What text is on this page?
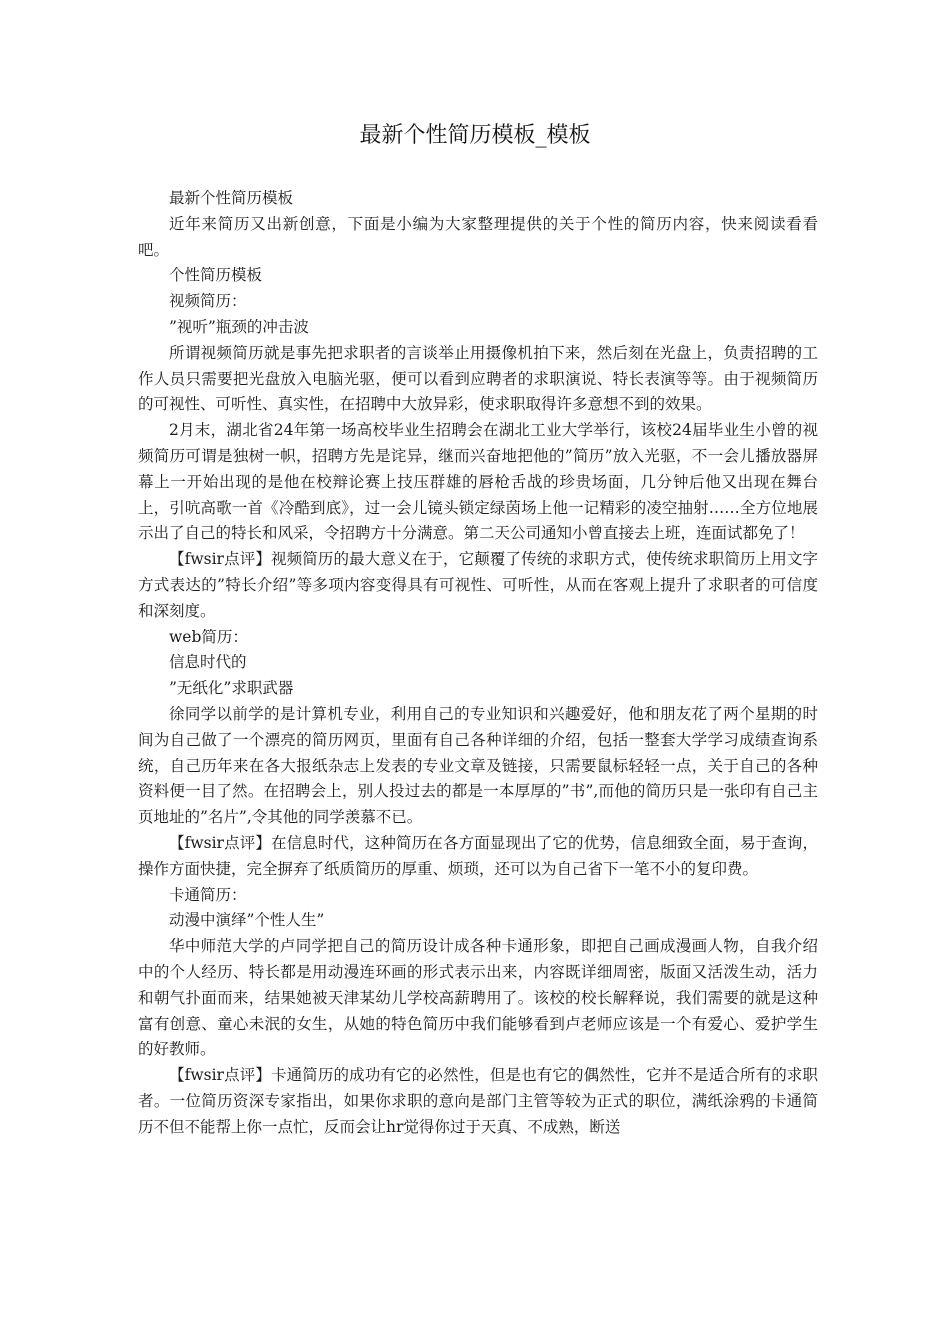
最新个性简历模板_模板

最新个性简历模板

近年来简历又出新创意，下面是小编为大家整理提供的关于个性的简历内容，快来阅读看看吧。

个性简历模板

视频简历：

”视听”瓶颈的冲击波

所谓视频简历就是事先把求职者的言谈举止用摄像机拍下来，然后刻在光盘上，负责招聘的工作人员只需要把光盘放入电脑光驱，便可以看到应聘者的求职演说、特长表演等等。由于视频简历的可视性、可听性、真实性，在招聘中大放异彩，使求职取得许多意想不到的效果。

2月末，湖北省24年第一场高校毕业生招聘会在湖北工业大学举行，该校24届毕业生小曾的视频简历可谓是独树一帜，招聘方先是诧异，继而兴奋地把他的”简历”放入光驱，不一会儿播放器屏幕上一开始出现的是他在校辩论赛上技压群雄的唇枪舌战的珍贵场面，几分钟后他又出现在舞台上，引吭高歌一首《冷酷到底》，过一会儿镜头锁定绿茵场上他一记精彩的凌空抽射……全方位地展示出了自己的特长和风采，令招聘方十分满意。第二天公司通知小曾直接去上班，连面试都免了！

【fwsir点评】视频简历的最大意义在于，它颠覆了传统的求职方式，使传统求职简历上用文字方式表达的”特长介绍”等多项内容变得具有可视性、可听性，从而在客观上提升了求职者的可信度和深刻度。

web简历：

信息时代的

”无纸化”求职武器

徐同学以前学的是计算机专业，利用自己的专业知识和兴趣爱好，他和朋友花了两个星期的时间为自己做了一个漂亮的简历网页，里面有自己各种详细的介绍，包括一整套大学学习成绩查询系统，自己历年来在各大报纸杂志上发表的专业文章及链接，只需要鼠标轻轻一点，关于自己的各种资料便一目了然。在招聘会上，别人投过去的都是一本厚厚的”书”,而他的简历只是一张印有自己主页地址的”名片”,令其他的同学羡慕不已。

【fwsir点评】在信息时代，这种简历在各方面显现出了它的优势，信息细致全面，易于查询，操作方面快捷，完全摒弃了纸质简历的厚重、烦琐，还可以为自己省下一笔不小的复印费。

卡通简历：

动漫中演绎”个性人生”

华中师范大学的卢同学把自己的简历设计成各种卡通形象，即把自己画成漫画人物，自我介绍中的个人经历、特长都是用动漫连环画的形式表示出来，内容既详细周密，版面又活泼生动，活力和朝气扑面而来，结果她被天津某幼儿学校高薪聘用了。该校的校长解释说，我们需要的就是这种富有创意、童心未泯的女生，从她的特色简历中我们能够看到卢老师应该是一个有爱心、爱护学生的好教师。

【fwsir点评】卡通简历的成功有它的必然性，但是也有它的偶然性，它并不是适合所有的求职者。一位简历资深专家指出，如果你求职的意向是部门主管等较为正式的职位，满纸涂鸦的卡通简历不但不能帮上你一点忙，反而会让hr觉得你过于天真、不成熟，断送
